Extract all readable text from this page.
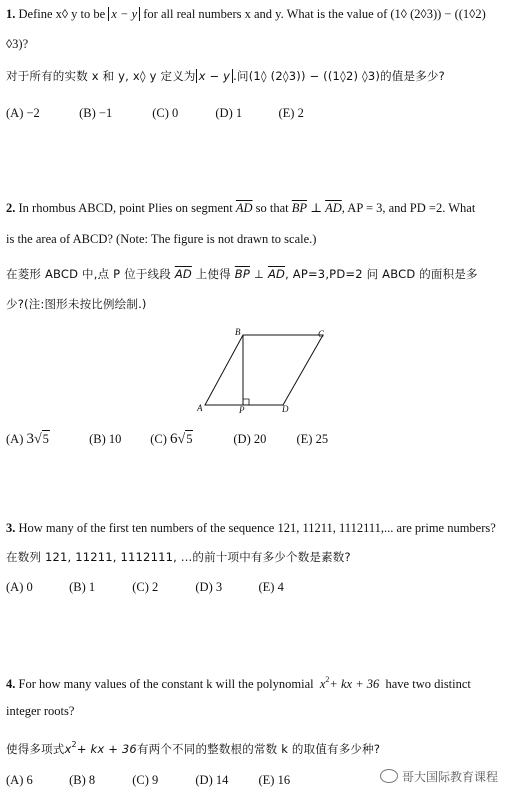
1. Define x◊ y to be x − y for all real numbers x and y. What is the value of (1◊ (2◊3)) − ((1◊2)
◊3)?
对于所有的实数 x 和 y, x◊ y 定义为 x − y .问(1◊ (2◊3)) − ((1◊2) ◊3)的值是多少?
(A) −2	(B) −1	(C) 0	(D) 1	(E) 2
2. In rhombus ABCD, point Plies on segment $\overline{AD}$ so that $\overline{BP}$ ⊥ $\overline{AD}$, AP = 3, and PD =2. What
is the area of ABCD? (Note: The figure is not drawn to scale.)
在菱形 ABCD 中,点 P 位于线段 $\overline{AD}$ 上使得 $\overline{BP}$ ⊥ $\overline{AD}$, AP=3,PD=2 问 ABCD 的面积是多
少?(注:图形未按比例绘制.)
A
B	C
D
P
(A) 3√5	(B) 10 (C) 6√5	(D) 20 (E) 25
3. How many of the first ten numbers of the sequence 121, 11211, 1112111,... are prime numbers?
在数列 121, 11211, 1112111, ...的前十项中有多少个数是素数?
(A) 0	(B) 1	(C) 2	(D) 3	(E) 4
4. For how many values of the constant k will the polynomial $x^2+$ kx + 36 have two distinct
integer roots?
使得多项式$x^2+$ kx + 36有两个不同的整数根的常数 k 的取值有多少种?
(A) 6	(B) 8	(C) 9	(D) 14 (E) 16	哥大国际教育课程
